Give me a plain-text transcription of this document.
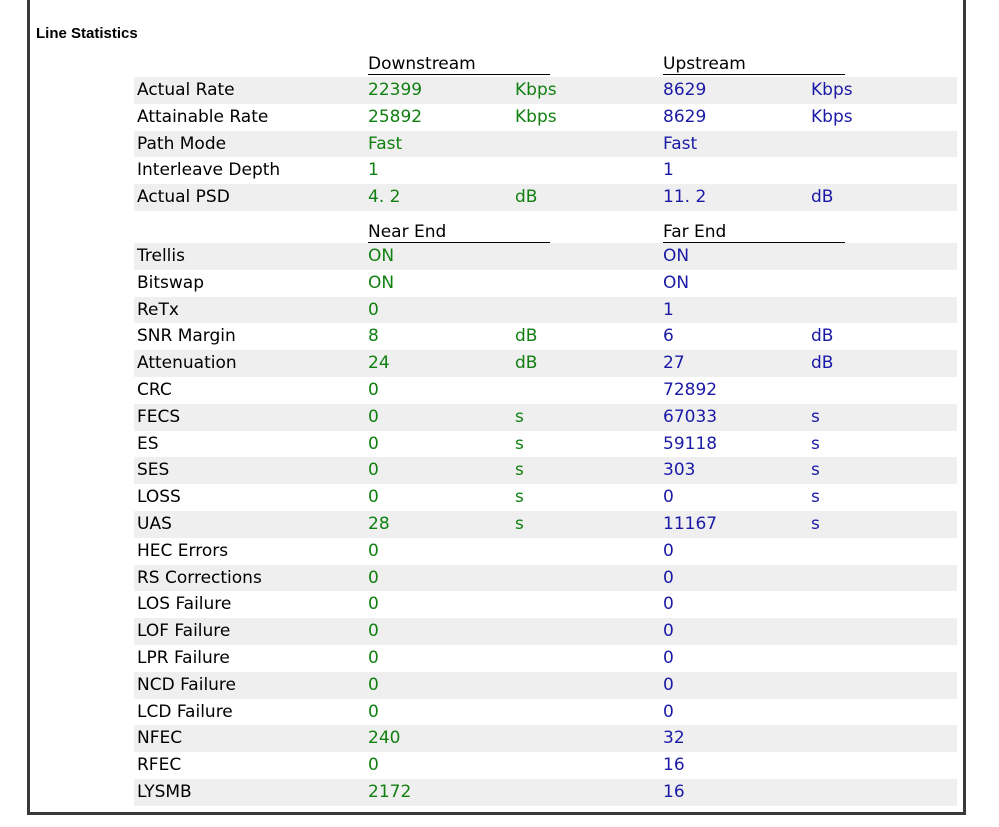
Line Statistics
	Downstream		Upstream	
Actual Rate	22399	Kbps	8629	Kbps
Attainable Rate	25892	Kbps	8629	Kbps
Path Mode	Fast		Fast	
Interleave Depth	1		1	
Actual PSD	4. 2	dB	11. 2	dB
	Near End		Far End	
Trellis	ON		ON	
Bitswap	ON		ON	
ReTx	0		1	
SNR Margin	8	dB	6	dB
Attenuation	24	dB	27	dB
CRC	0		72892	
FECS	0	s	67033	s
ES	0	s	59118	s
SES	0	s	303	s
LOSS	0	s	0	s
UAS	28	s	11167	s
HEC Errors	0		0	
RS Corrections	0		0	
LOS Failure	0		0	
LOF Failure	0		0	
LPR Failure	0		0	
NCD Failure	0		0	
LCD Failure	0		0	
NFEC	240		32	
RFEC	0		16	
LYSMB	2172		16	
